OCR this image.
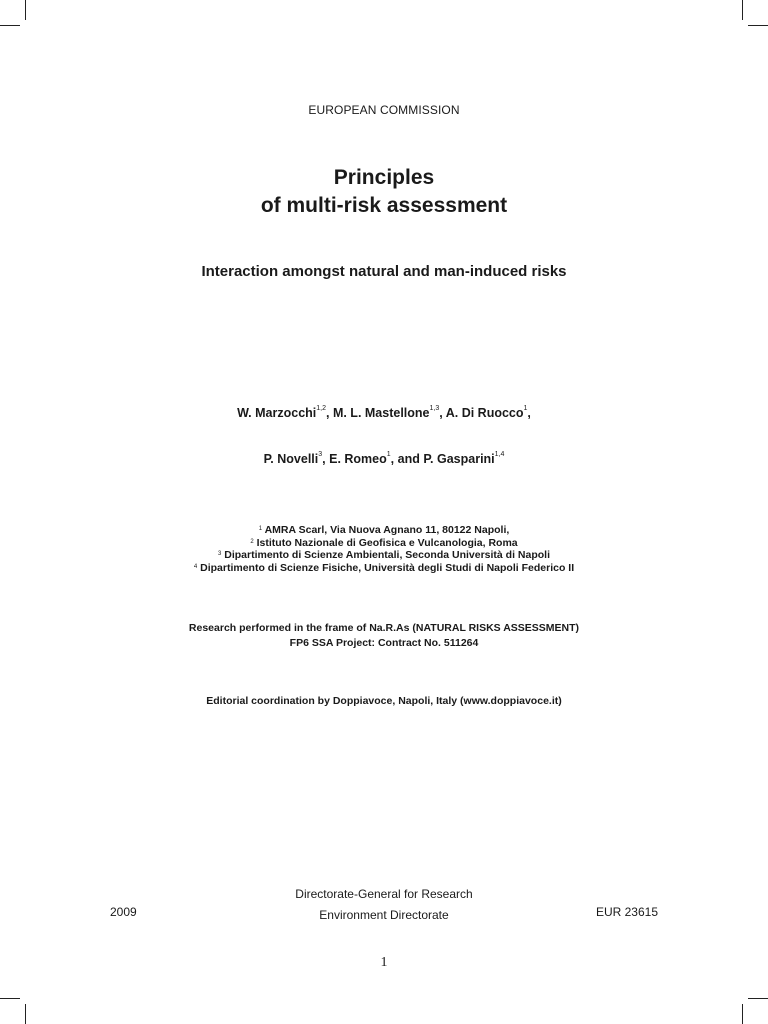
EUROPEAN COMMISSION
Principles
of multi-risk assessment
Interaction amongst natural and man-induced risks
W. Marzocchi$^{1,2}$, M. L. Mastellone$^{1,3}$, A. Di Ruocco$^1$,
P. Novelli$^3$, E. Romeo$^1$, and P. Gasparini$^{1,4}$
$^1$ AMRA Scarl, Via Nuova Agnano 11, 80122 Napoli,
$^2$ Istituto Nazionale di Geofisica e Vulcanologia, Roma
$^3$ Dipartimento di Scienze Ambientali, Seconda Università di Napoli
$^4$ Dipartimento di Scienze Fisiche, Università degli Studi di Napoli Federico II
Research performed in the frame of Na.R.As (NATURAL RISKS ASSESSMENT)
FP6 SSA Project: Contract No. 511264
Editorial coordination by Doppiavoce, Napoli, Italy (www.doppiavoce.it)
2009
Directorate-General for Research
Environment Directorate	EUR 23615
1
